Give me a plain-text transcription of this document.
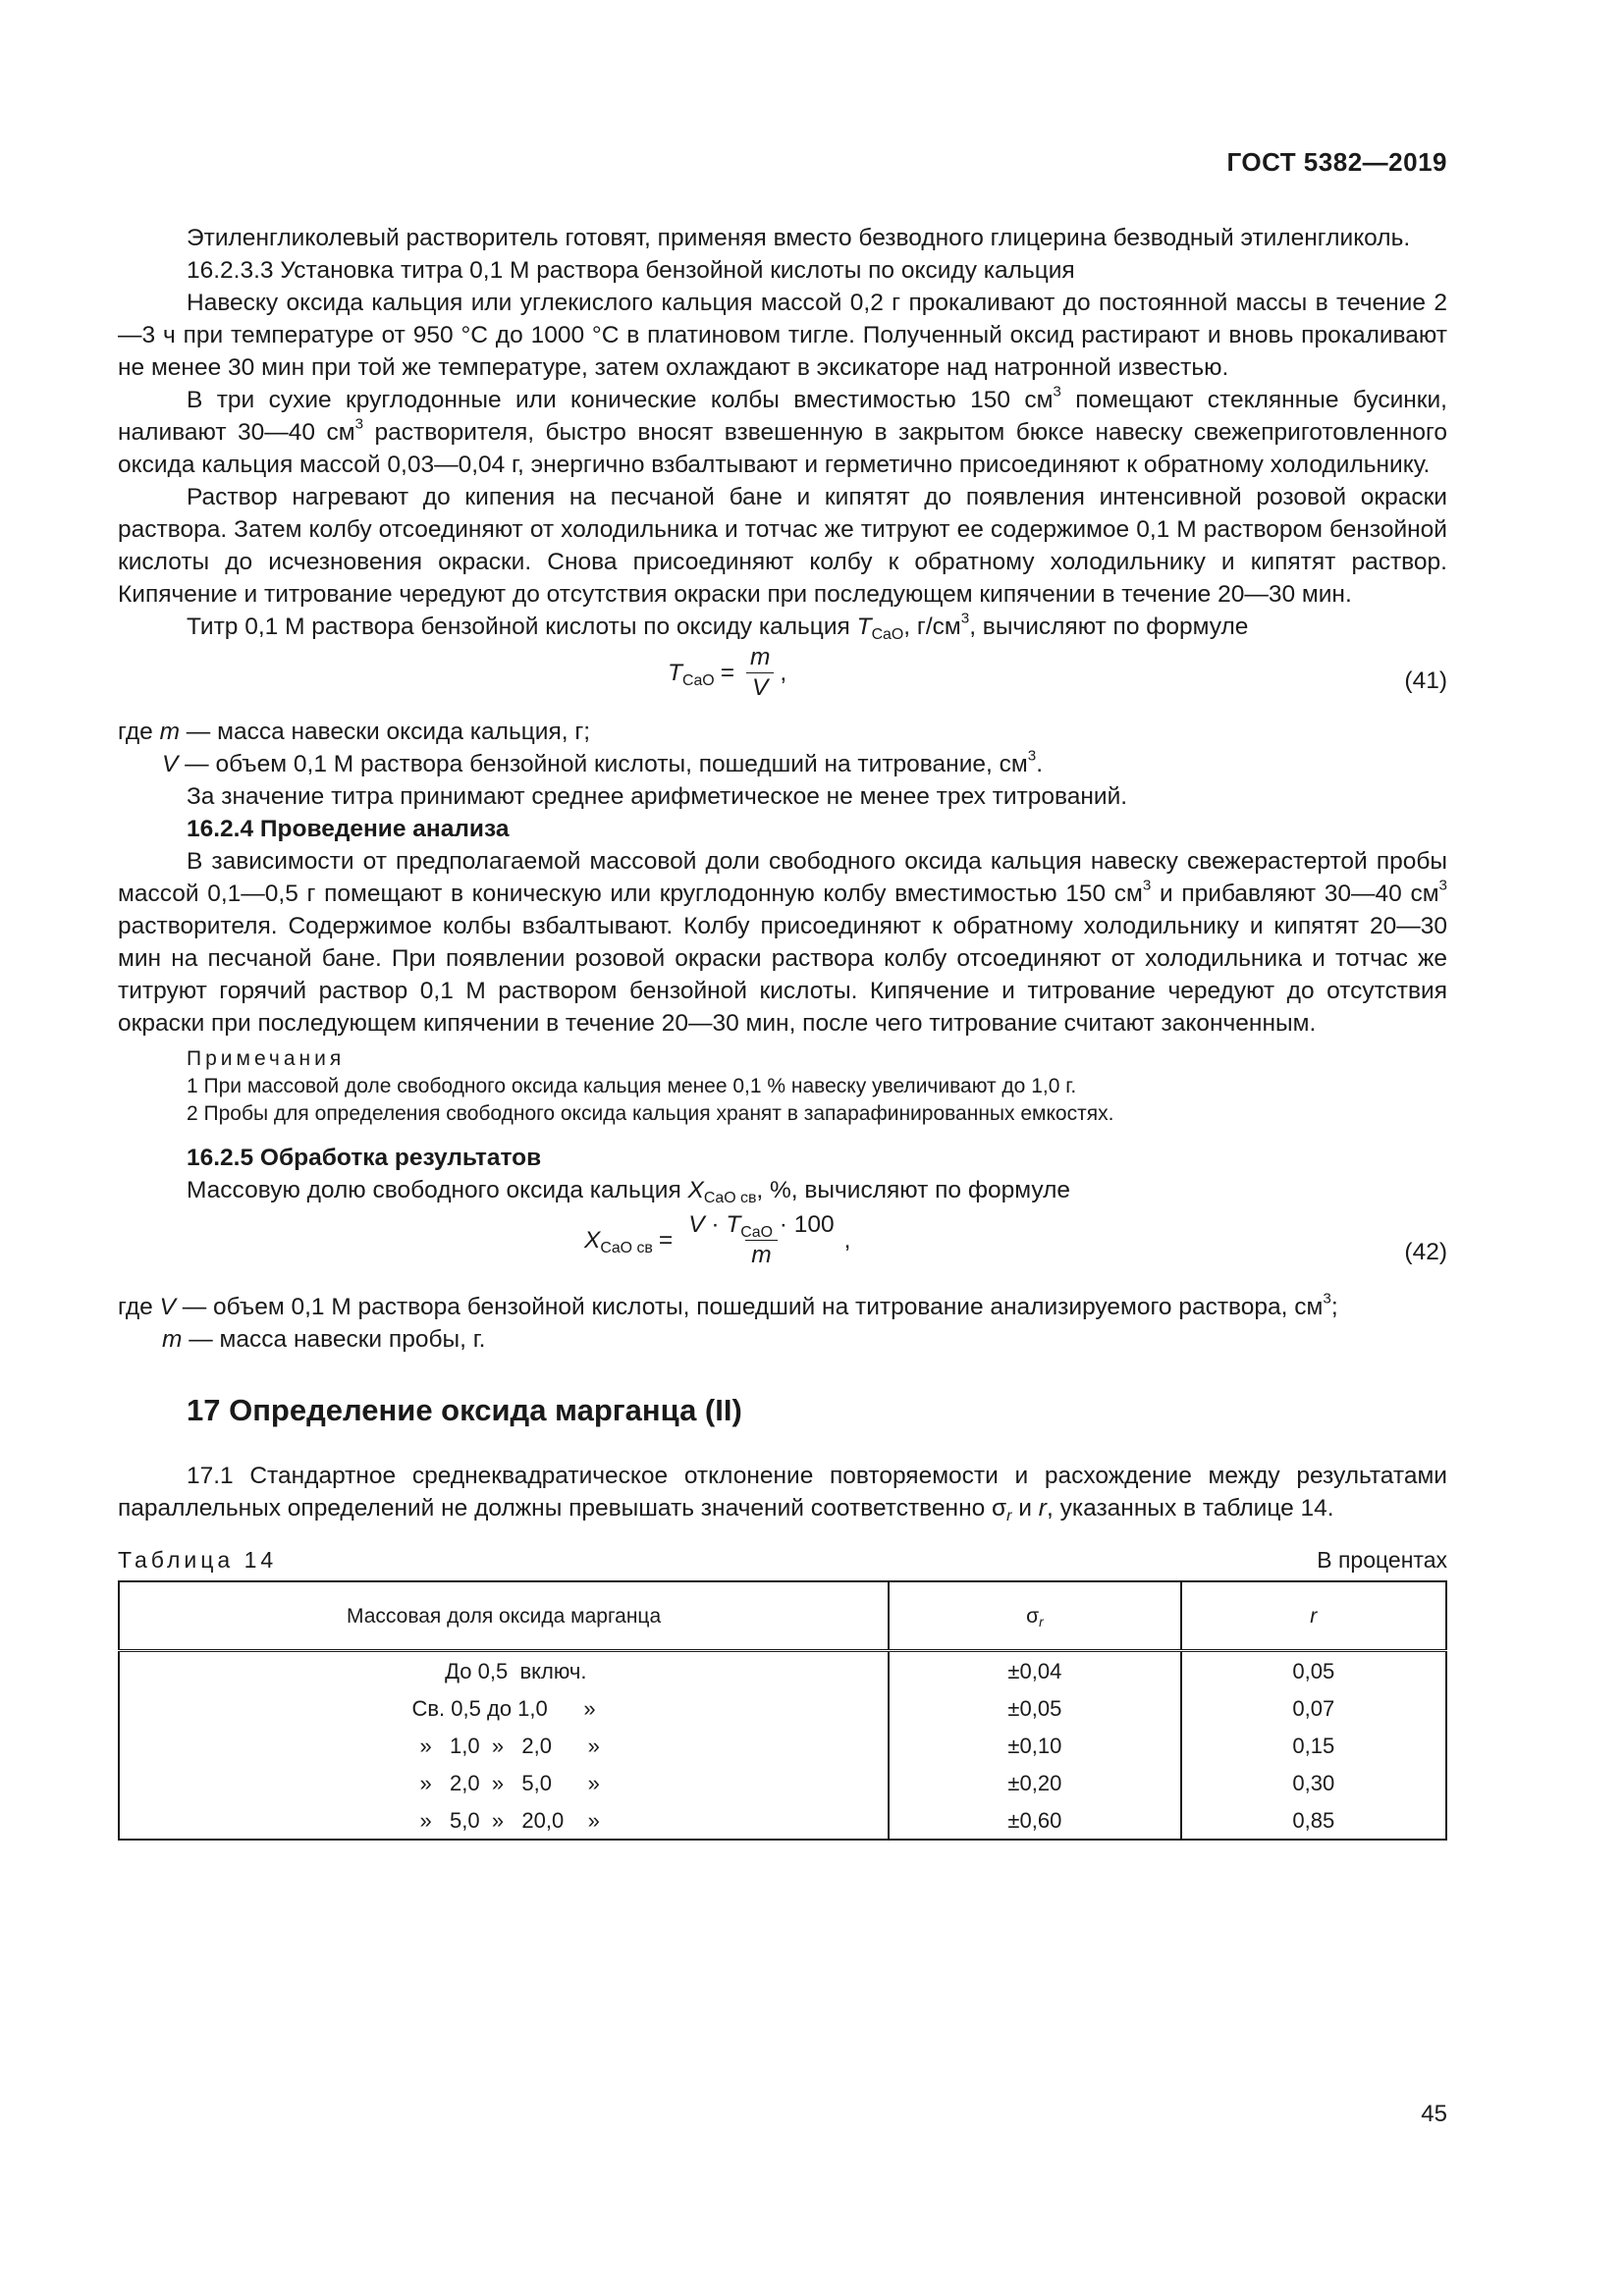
ГОСТ 5382—2019

Этиленгликолевый растворитель готовят, применяя вместо безводного глицерина безводный этиленгликоль.

16.2.3.3 Установка титра 0,1 М раствора бензойной кислоты по оксиду кальция

Навеску оксида кальция или углекислого кальция массой 0,2 г прокаливают до постоянной массы в течение 2—3 ч при температуре от 950 °С до 1000 °С в платиновом тигле. Полученный оксид растирают и вновь прокаливают не менее 30 мин при той же температуре, затем охлаждают в эксикаторе над натронной известью.

В три сухие круглодонные или конические колбы вместимостью 150 $см^3$ помещают стеклянные бусинки, наливают 30—40 $см^3$ растворителя, быстро вносят взвешенную в закрытом бюксе навеску свежеприготовленного оксида кальция массой 0,03—0,04 г, энергично взбалтывают и герметично присоединяют к обратному холодильнику.

Раствор нагревают до кипения на песчаной бане и кипятят до появления интенсивной розовой окраски раствора. Затем колбу отсоединяют от холодильника и тотчас же титруют ее содержимое 0,1 М раствором бензойной кислоты до исчезновения окраски. Снова присоединяют колбу к обратному холодильнику и кипятят раствор. Кипячение и титрование чередуют до отсутствия окраски при последующем кипячении в течение 20—30 мин.

Титр 0,1 М раствора бензойной кислоты по оксиду кальция $T_{CaO}$, $г/см^3$, вычисляют по формуле

$T_{CaO} = \frac{m}{V}$ ,	(41)

где m — масса навески оксида кальция, г;

V — объем 0,1 М раствора бензойной кислоты, пошедший на титрование, $см^3$.

За значение титра принимают среднее арифметическое не менее трех титрований.

16.2.4 Проведение анализа

В зависимости от предполагаемой массовой доли свободного оксида кальция навеску свежерастертой пробы массой 0,1—0,5 г помещают в коническую или круглодонную колбу вместимостью 150 $см^3$ и прибавляют 30—40 $см^3$ растворителя. Содержимое колбы взбалтывают. Колбу присоединяют к обратному холодильнику и кипятят 20—30 мин на песчаной бане. При появлении розовой окраски раствора колбу отсоединяют от холодильника и тотчас же титруют горячий раствор 0,1 М раствором бензойной кислоты. Кипячение и титрование чередуют до отсутствия окраски при последующем кипячении в течение 20—30 мин, после чего титрование считают законченным.

Примечания
1 При массовой доле свободного оксида кальция менее 0,1 % навеску увеличивают до 1,0 г.
2 Пробы для определения свободного оксида кальция хранят в запарафинированных емкостях.

16.2.5 Обработка результатов

Массовую долю свободного оксида кальция $X_{CaO св}$, %, вычисляют по формуле

$X_{CaO св} = \frac{V \cdot T_{CaO} \cdot 100}{m}$ ,	(42)

где V — объем 0,1 М раствора бензойной кислоты, пошедший на титрование анализируемого раствора, $см^3$;

m — масса навески пробы, г.

17 Определение оксида марганца (II)

17.1 Стандартное среднеквадратическое отклонение повторяемости и расхождение между результатами параллельных определений не должны превышать значений соответственно $\sigma_r$ и r, указанных в таблице 14.

Таблица 14	В процентах
Массовая доля оксида марганца	$\sigma_r$	r
До 0,5  включ.	±0,04	0,05
Св. 0,5 до 1,0      »	±0,05	0,07
»   1,0  »   2,0      »	±0,10	0,15
»   2,0  »   5,0      »	±0,20	0,30
»   5,0  »   20,0    »	±0,60	0,85
45
